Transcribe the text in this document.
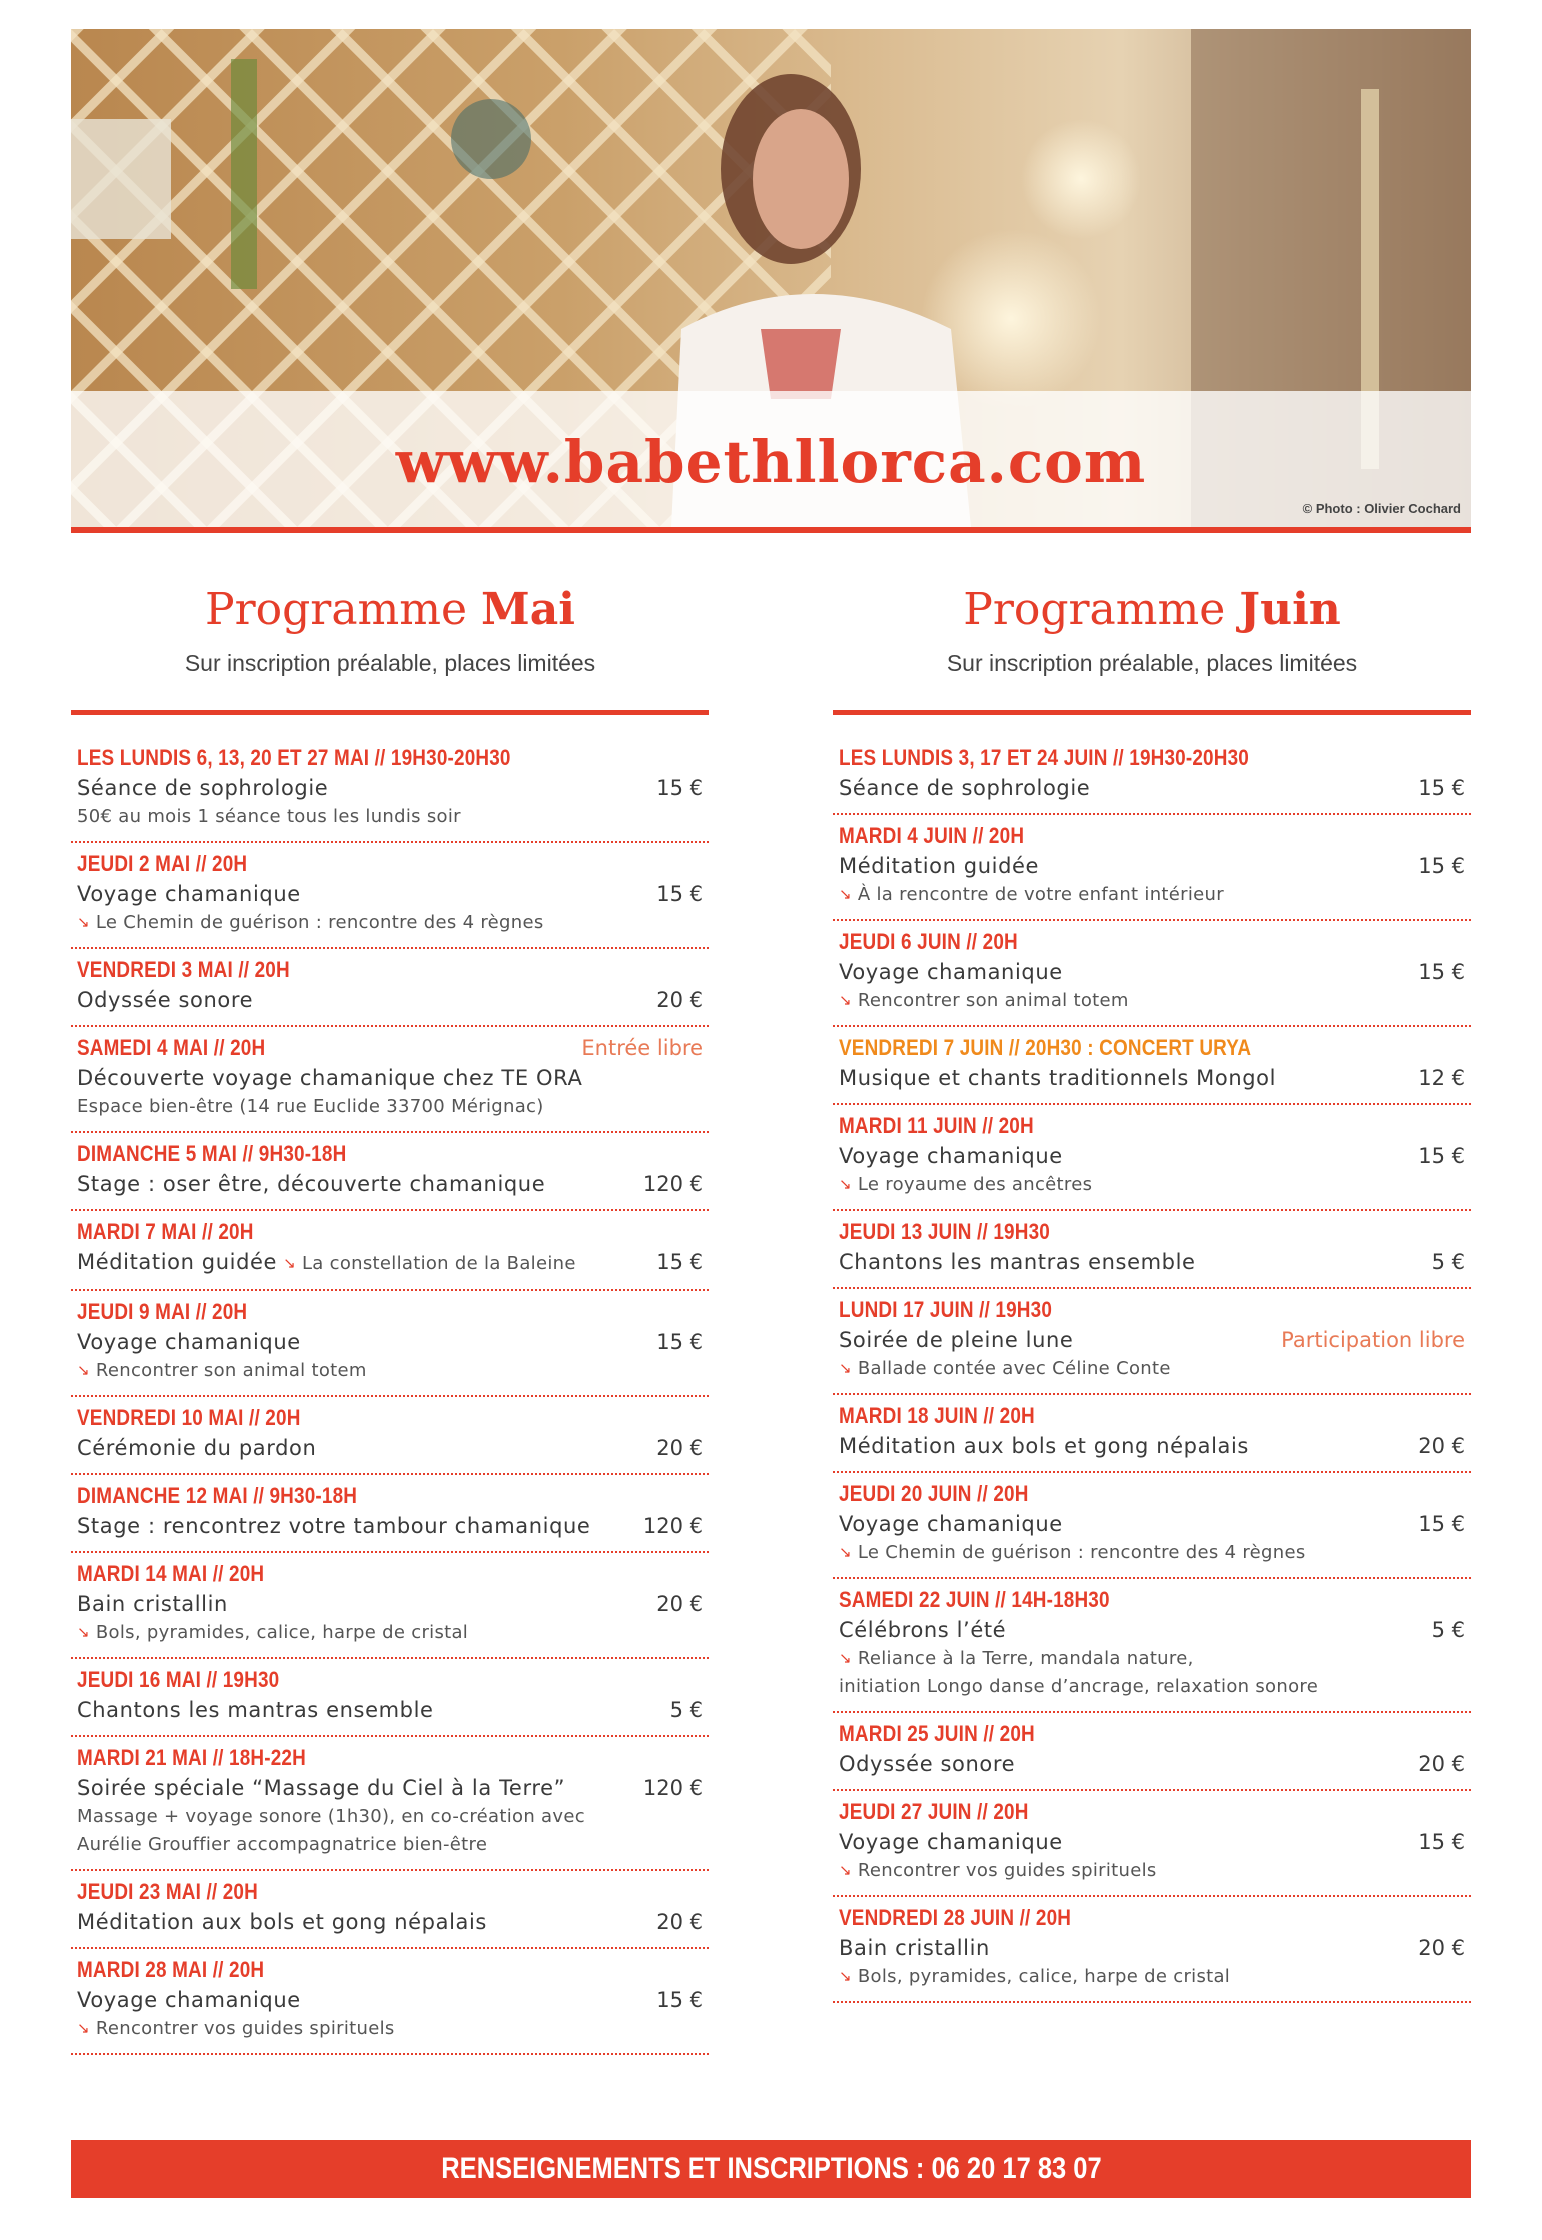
www.babethllorca.com
© Photo : Olivier Cochard
Programme Mai
Sur inscription préalable, places limitées
LES LUNDIS 6, 13, 20 ET 27 MAI // 19H30-20H30
Séance de sophrologie	15 €
50€ au mois 1 séance tous les lundis soir
JEUDI 2 MAI // 20H
Voyage chamanique	15 €
↘ Le Chemin de guérison : rencontre des 4 règnes
VENDREDI 3 MAI // 20H
Odyssée sonore	20 €
SAMEDI 4 MAI // 20H	Entrée libre
Découverte voyage chamanique chez TE ORA
Espace bien-être (14 rue Euclide 33700 Mérignac)
DIMANCHE 5 MAI // 9H30-18H
Stage : oser être, découverte chamanique	120 €
MARDI 7 MAI // 20H
Méditation guidée ↘ La constellation de la Baleine	15 €
JEUDI 9 MAI // 20H
Voyage chamanique	15 €
↘ Rencontrer son animal totem
VENDREDI 10 MAI // 20H
Cérémonie du pardon	20 €
DIMANCHE 12 MAI // 9H30-18H
Stage : rencontrez votre tambour chamanique 120 €
MARDI 14 MAI // 20H
Bain cristallin	20 €
↘ Bols, pyramides, calice, harpe de cristal
JEUDI 16 MAI // 19H30
Chantons les mantras ensemble	5 €
MARDI 21 MAI // 18H-22H
Soirée spéciale “Massage du Ciel à la Terre”	120 €
Massage + voyage sonore (1h30), en co-création avec
Aurélie Grouffier accompagnatrice bien-être
JEUDI 23 MAI // 20H
Méditation aux bols et gong népalais	20 €
MARDI 28 MAI // 20H
Voyage chamanique	15 €
↘ Rencontrer vos guides spirituels
Programme Juin
Sur inscription préalable, places limitées
LES LUNDIS 3, 17 ET 24 JUIN // 19H30-20H30
Séance de sophrologie	15 €
MARDI 4 JUIN // 20H
Méditation guidée	15 €
↘ À la rencontre de votre enfant intérieur
JEUDI 6 JUIN // 20H
Voyage chamanique	15 €
↘ Rencontrer son animal totem
VENDREDI 7 JUIN // 20H30 : CONCERT URYA
Musique et chants traditionnels Mongol	12 €
MARDI 11 JUIN // 20H
Voyage chamanique	15 €
↘ Le royaume des ancêtres
JEUDI 13 JUIN // 19H30
Chantons les mantras ensemble	5 €
LUNDI 17 JUIN // 19H30
Soirée de pleine lune	Participation libre
↘ Ballade contée avec Céline Conte
MARDI 18 JUIN // 20H
Méditation aux bols et gong népalais	20 €
JEUDI 20 JUIN // 20H
Voyage chamanique	15 €
↘ Le Chemin de guérison : rencontre des 4 règnes
SAMEDI 22 JUIN // 14H-18H30
Célébrons l’été	5 €
↘ Reliance à la Terre, mandala nature,
initiation Longo danse d’ancrage, relaxation sonore
MARDI 25 JUIN // 20H
Odyssée sonore	20 €
JEUDI 27 JUIN // 20H
Voyage chamanique	15 €
↘ Rencontrer vos guides spirituels
VENDREDI 28 JUIN // 20H
Bain cristallin	20 €
↘ Bols, pyramides, calice, harpe de cristal
RENSEIGNEMENTS ET INSCRIPTIONS : 06 20 17 83 07
